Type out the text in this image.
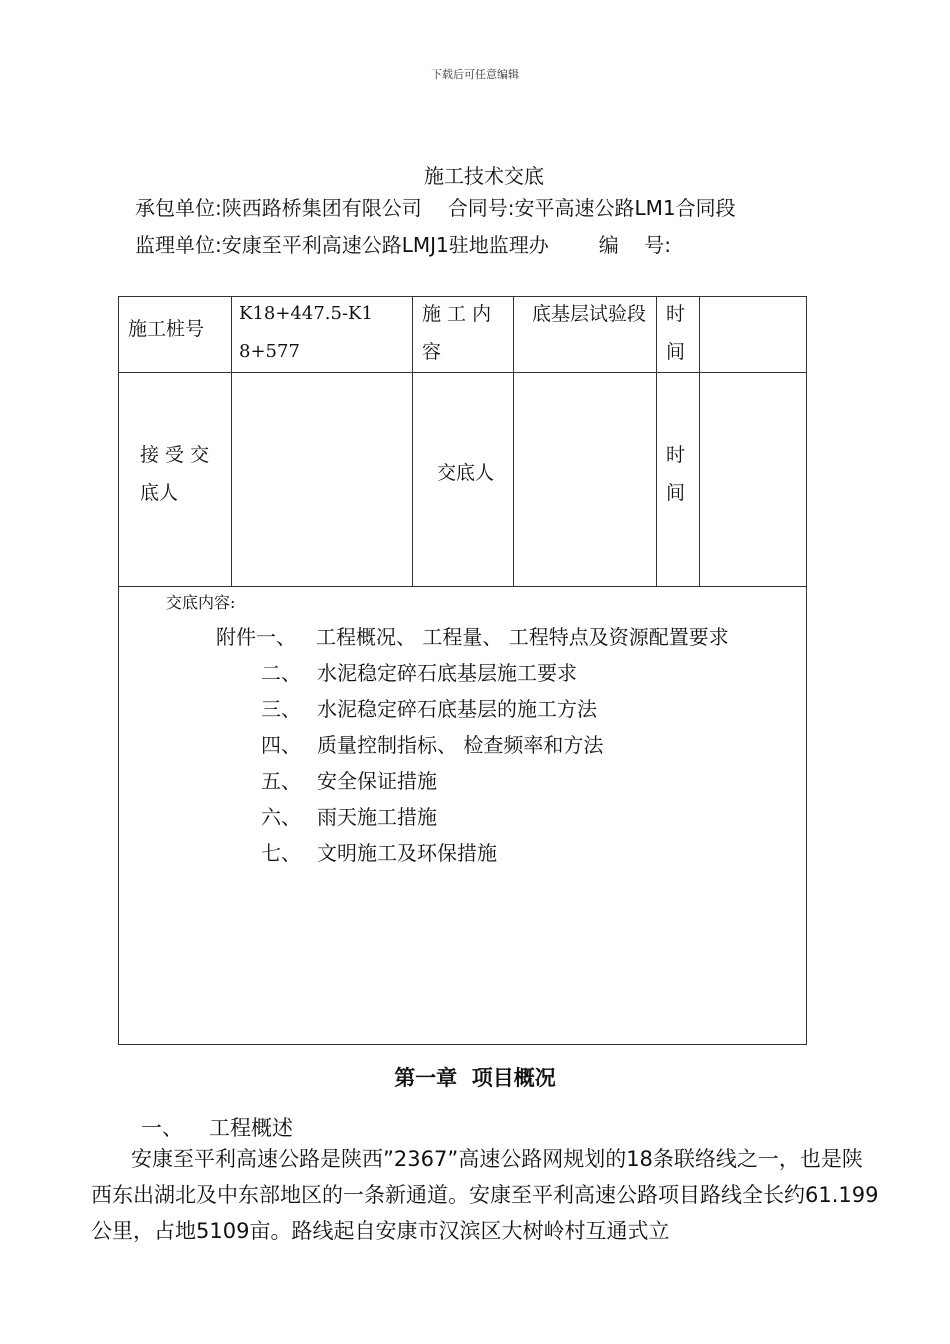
下载后可任意编辑
施工技术交底
承包单位:陕西路桥集团有限公司 合同号:安平高速公路LM1合同段
监理单位:安康至平利高速公路LMJ1驻地监理办	编    号:
施工桩号
K18+447.5-K18+577
施 工 内 容
底基层试验段	时间
接 受 交 底人
交底人
时间
交底内容:
附件一、 工程概况、 工程量、 工程特点及资源配置要求
二、 水泥稳定碎石底基层施工要求
三、 水泥稳定碎石底基层的施工方法
四、 质量控制指标、 检查频率和方法
五、 安全保证措施
六、 雨天施工措施
七、 文明施工及环保措施
第一章  项目概况
一、 工程概述
安康至平利高速公路是陕西”2367”高速公路网规划的18条联络线之一，也是陕西东出湖北及中东部地区的一条新通道。安康至平利高速公路项目路线全长约61.199公里，占地5109亩。路线起自安康市汉滨区大树岭村互通式立
